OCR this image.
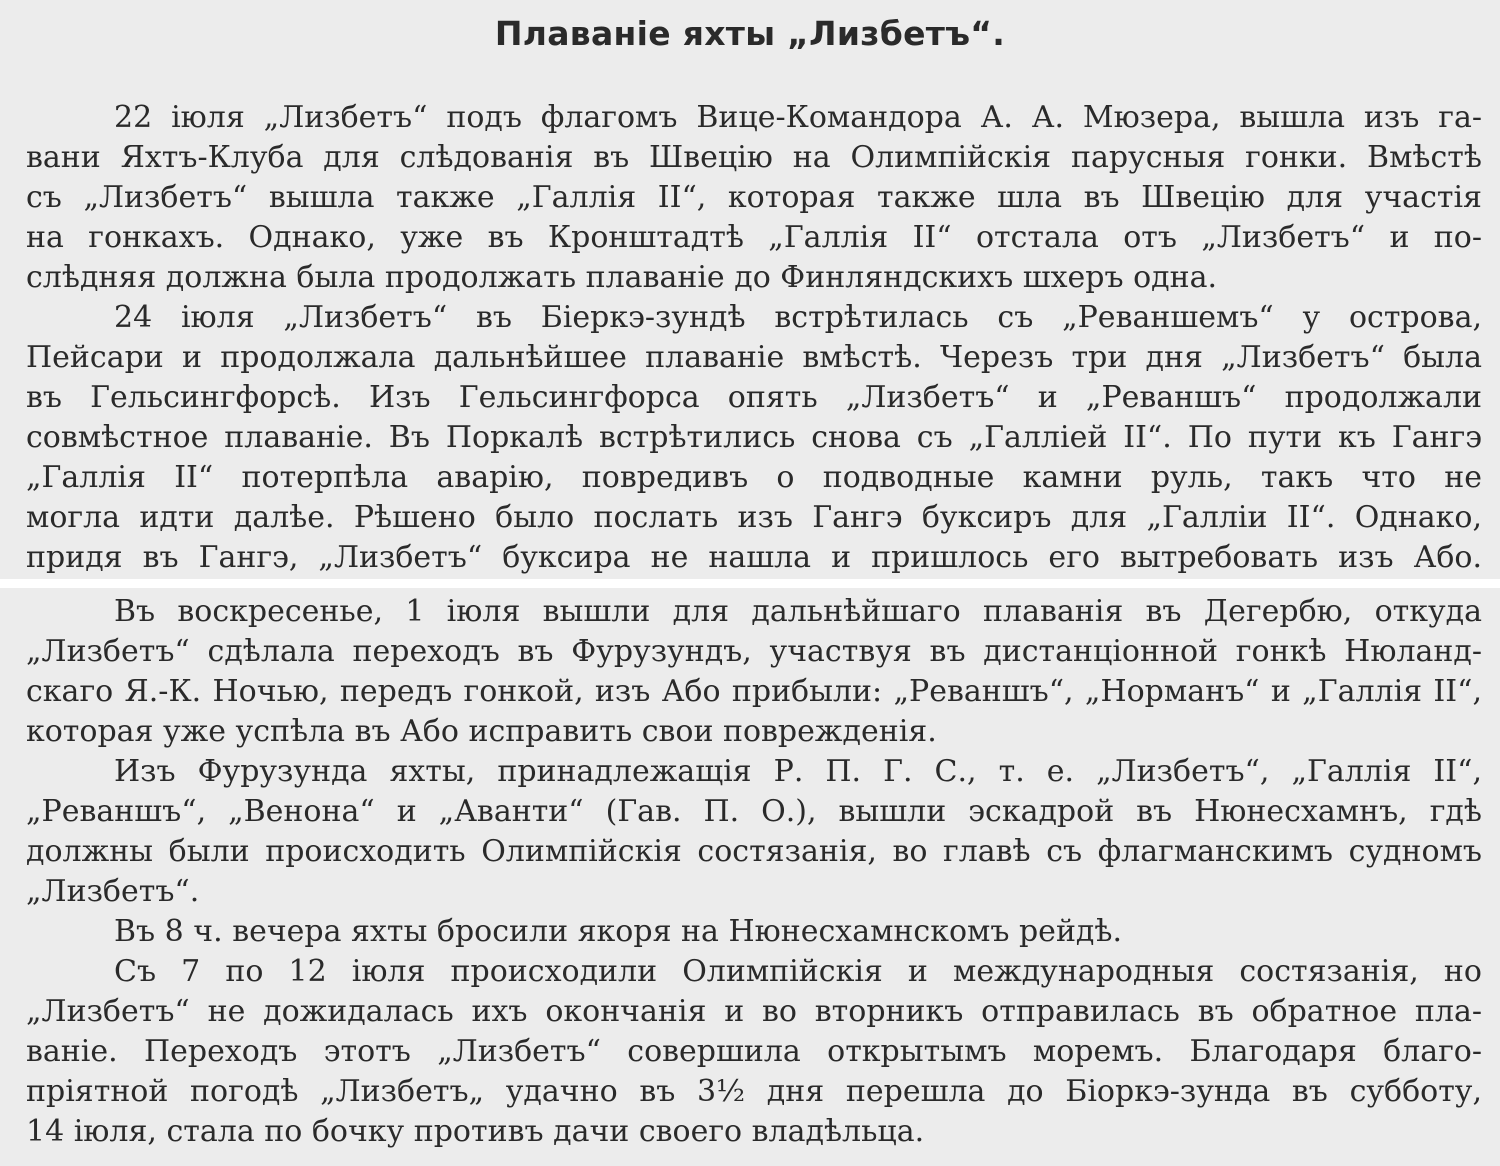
Плаванiе яхты „Лизбетъ“.
22 iюля „Лизбетъ“ подъ флагомъ Вице-Командора А. А. Мюзера, вышла изъ га-
вани Яхтъ-Клуба для слѣдованiя въ Швецiю на Олимпiйскiя парусныя гонки. Вмѣстѣ
съ „Лизбетъ“ вышла также „Галлiя II“, которая также шла въ Швецiю для участiя
на гонкахъ. Однако, уже въ Кронштадтѣ „Галлiя II“ отстала отъ „Лизбетъ“ и по-
слѣдняя должна была продолжать плаванiе до Финляндскихъ шхеръ одна.
24 iюля „Лизбетъ“ въ Бiеркэ-зундѣ встрѣтилась съ „Реваншемъ“ у острова,
Пейсари и продолжала дальнѣйшее плаванiе вмѣстѣ. Черезъ три дня „Лизбетъ“ была
въ Гельсингфорсѣ. Изъ Гельсингфорса опять „Лизбетъ“ и „Реваншъ“ продолжали
совмѣстное плаванiе. Въ Поркалѣ встрѣтились снова съ „Галлiей II“. По пути къ Гангэ
„Галлiя II“ потерпѣла аварiю, повредивъ о подводные камни руль, такъ что не
могла идти далѣе. Рѣшено было послать изъ Гангэ буксиръ для „Галлiи II“. Однако,
придя въ Гангэ, „Лизбетъ“ буксира не нашла и пришлось его вытребовать изъ Або.
Въ воскресенье, 1 iюля вышли для дальнѣйшаго плаванiя въ Дегербю, откуда
„Лизбетъ“ сдѣлала переходъ въ Фурузундъ, участвуя въ дистанцiонной гонкѣ Нюланд-
скаго Я.-К. Ночью, передъ гонкой, изъ Або прибыли: „Реваншъ“, „Норманъ“ и „Галлiя II“,
которая уже успѣла въ Або исправить свои поврежденiя.
Изъ Фурузунда яхты, принадлежащiя Р. П. Г. С., т. е. „Лизбетъ“, „Галлiя II“,
„Реваншъ“, „Венона“ и „Аванти“ (Гав. П. О.), вышли эскадрой въ Нюнесхамнъ, гдѣ
должны были происходить Олимпiйскiя состязанiя, во главѣ съ флагманскимъ судномъ
„Лизбетъ“.
Въ 8 ч. вечера яхты бросили якоря на Нюнесхамнскомъ рейдѣ.
Съ 7 по 12 iюля происходили Олимпiйскiя и международныя состязанiя, но
„Лизбетъ“ не дожидалась ихъ окончанiя и во вторникъ отправилась въ обратное пла-
ванiе. Переходъ этотъ „Лизбетъ“ совершила открытымъ моремъ. Благодаря благо-
прiятной погодѣ „Лизбетъ„ удачно въ 3½ дня перешла до Бiоркэ-зунда въ субботу,
14 iюля, стала по бочку противъ дачи своего владѣльца.
